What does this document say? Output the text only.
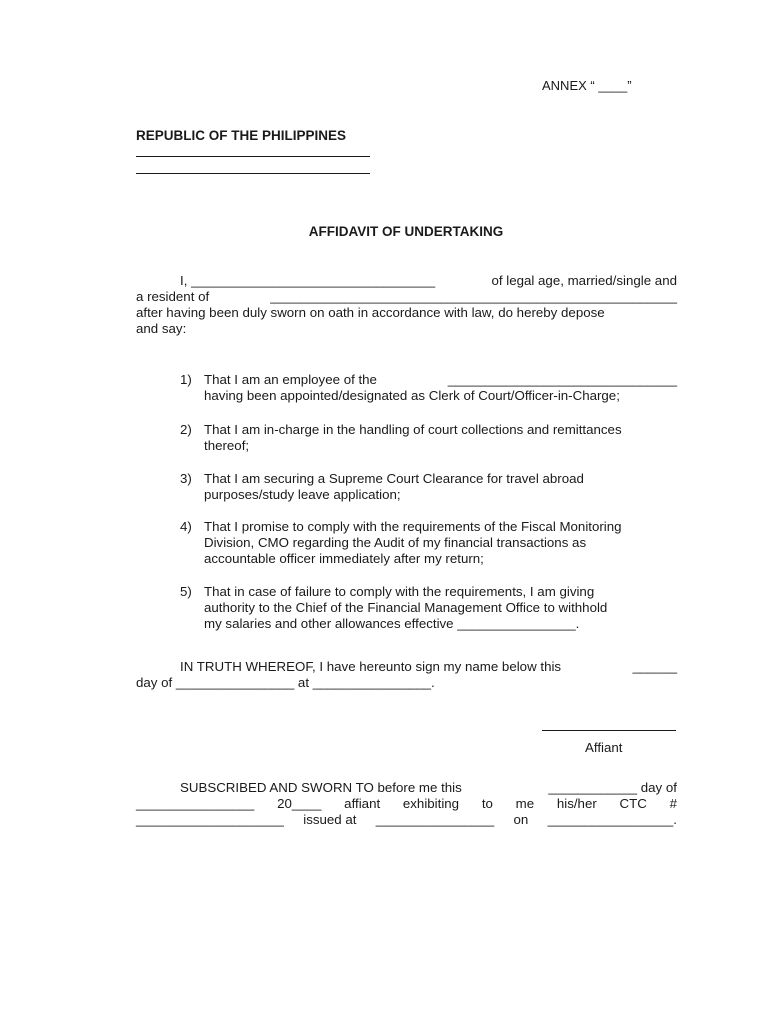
ANNEX “ ____”
REPUBLIC OF THE PHILIPPINES
AFFIDAVIT OF UNDERTAKING
I, _________________________________	of legal age, married/single and
a resident of	_______________________________________________________
after having been duly sworn on oath in accordance with law, do hereby depose
and say:
1) That I am an employee of the	_______________________________
having been appointed/designated as Clerk of Court/Officer-in-Charge;
2) That I am in-charge in the handling of court collections and remittances
thereof;
3) That I am securing a Supreme Court Clearance for travel abroad
purposes/study leave application;
4) That I promise to comply with the requirements of the Fiscal Monitoring
Division, CMO regarding the Audit of my financial transactions as
accountable officer immediately after my return;
5) That in case of failure to comply with the requirements, I am giving
authority to the Chief of the Financial Management Office to withhold
my salaries and other allowances effective ________________.
IN TRUTH WHEREOF, I have hereunto sign my name below this	______
day of ________________ at ________________.
Affiant
SUBSCRIBED AND SWORN TO before me this	____________ day of
________________ 20____ affiant exhibiting to me his/her CTC #
____________________ issued at ________________ on _________________.
